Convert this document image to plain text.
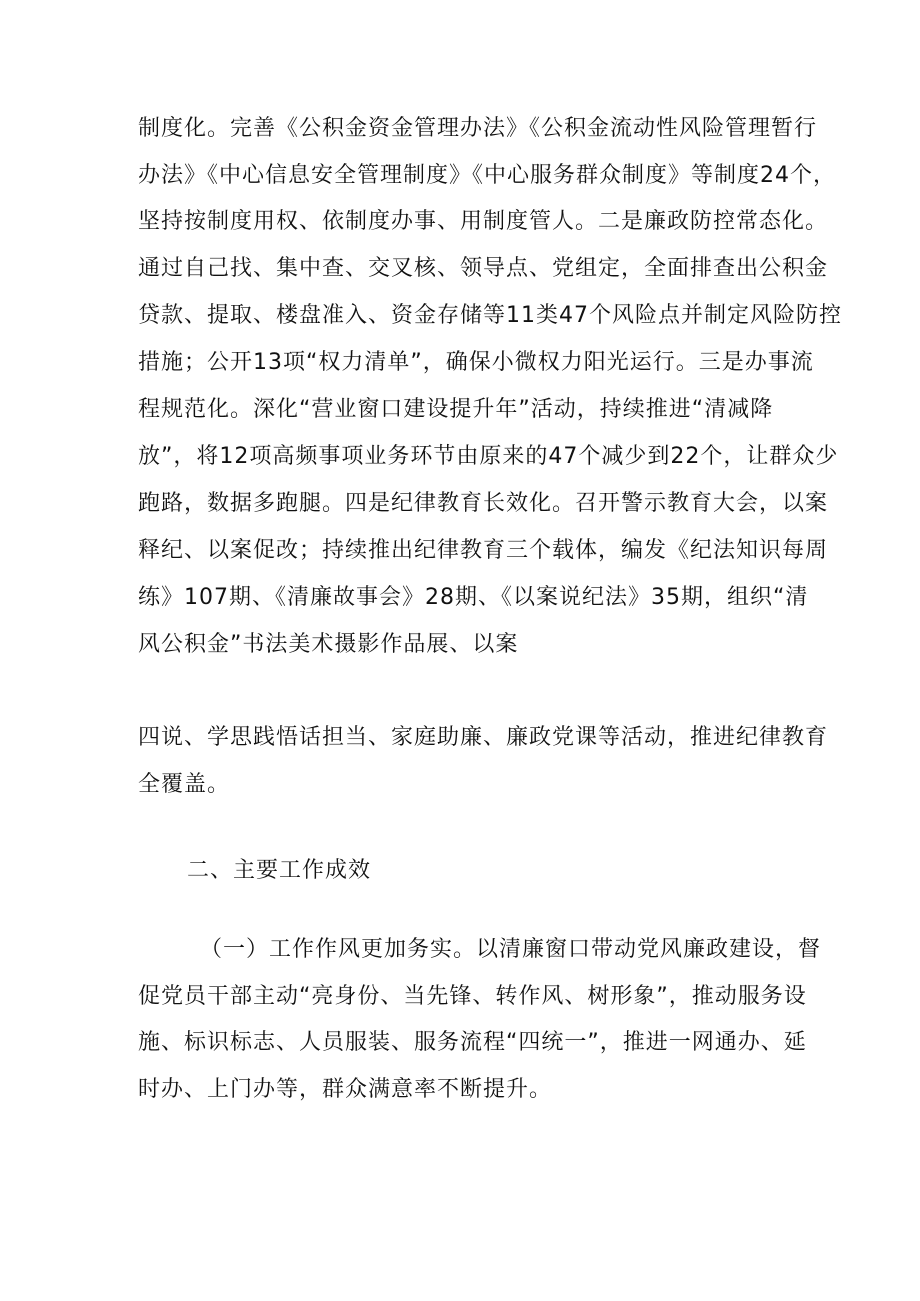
制度化。完善《公积金资金管理办法》《公积金流动性风险管理暂行
办法》《中心信息安全管理制度》《中心服务群众制度》等制度24个，
坚持按制度用权、依制度办事、用制度管人。二是廉政防控常态化。
通过自己找、集中查、交叉核、领导点、党组定，全面排查出公积金
贷款、提取、楼盘准入、资金存储等11类47个风险点并制定风险防控
措施；公开13项“权力清单”，确保小微权力阳光运行。三是办事流
程规范化。深化“营业窗口建设提升年”活动，持续推进“清减降
放”，将12项高频事项业务环节由原来的47个减少到22个，让群众少
跑路，数据多跑腿。四是纪律教育长效化。召开警示教育大会，以案
释纪、以案促改；持续推出纪律教育三个载体，编发《纪法知识每周
练》107期、《清廉故事会》28期、《以案说纪法》35期，组织“清
风公积金”书法美术摄影作品展、以案
四说、学思践悟话担当、家庭助廉、廉政党课等活动，推进纪律教育
全覆盖。
二、主要工作成效
（一）工作作风更加务实。以清廉窗口带动党风廉政建设，督
促党员干部主动“亮身份、当先锋、转作风、树形象”，推动服务设
施、标识标志、人员服装、服务流程“四统一”，推进一网通办、延
时办、上门办等，群众满意率不断提升。
